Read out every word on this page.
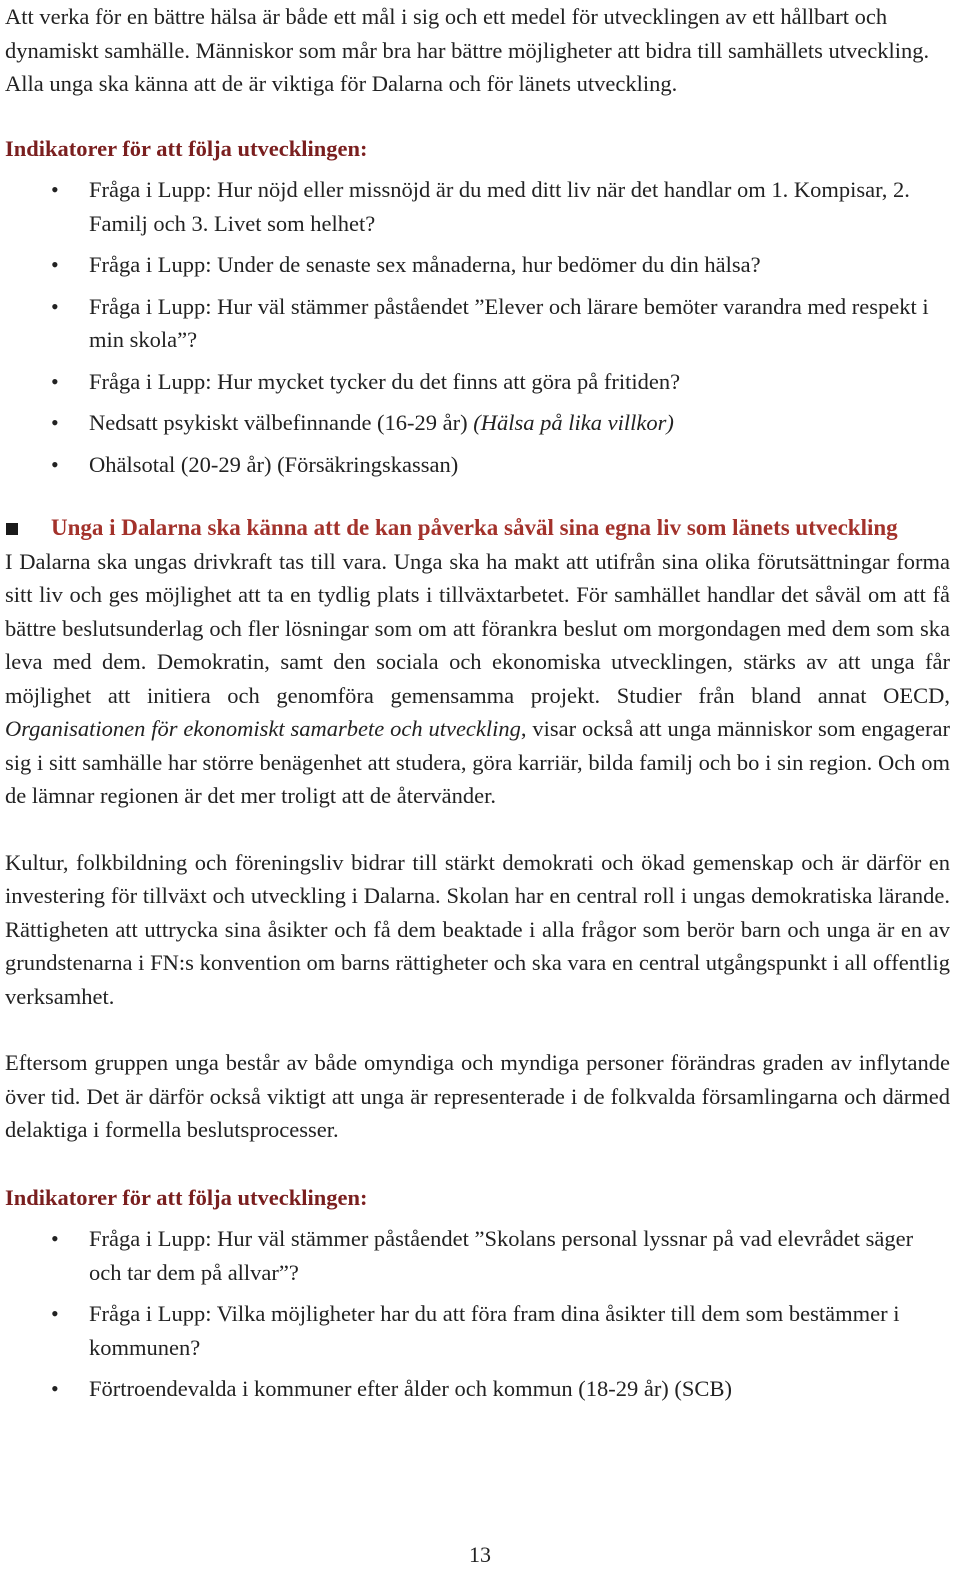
Att verka för en bättre hälsa är både ett mål i sig och ett medel för utvecklingen av ett hållbart och dynamiskt samhälle. Människor som mår bra har bättre möjligheter att bidra till samhällets utveckling. Alla unga ska känna att de är viktiga för Dalarna och för länets utveckling.

Indikatorer för att följa utvecklingen:
• Fråga i Lupp: Hur nöjd eller missnöjd är du med ditt liv när det handlar om 1. Kompisar, 2. Familj och 3. Livet som helhet?
• Fråga i Lupp: Under de senaste sex månaderna, hur bedömer du din hälsa?
• Fråga i Lupp: Hur väl stämmer påståendet ”Elever och lärare bemöter varandra med respekt i min skola”?
• Fråga i Lupp: Hur mycket tycker du det finns att göra på fritiden?
• Nedsatt psykiskt välbefinnande (16-29 år) (Hälsa på lika villkor)
• Ohälsotal (20-29 år) (Försäkringskassan)
Unga i Dalarna ska känna att de kan påverka såväl sina egna liv som länets utveckling

I Dalarna ska ungas drivkraft tas till vara. Unga ska ha makt att utifrån sina olika förutsättningar forma sitt liv och ges möjlighet att ta en tydlig plats i tillväxtarbetet. För samhället handlar det såväl om att få bättre beslutsunderlag och fler lösningar som om att förankra beslut om morgondagen med dem som ska leva med dem. Demokratin, samt den sociala och ekonomiska utvecklingen, stärks av att unga får möjlighet att initiera och genomföra gemensamma projekt. Studier från bland annat OECD, Organisationen för ekonomiskt samarbete och utveckling, visar också att unga människor som engagerar sig i sitt samhälle har större benägenhet att studera, göra karriär, bilda familj och bo i sin region. Och om de lämnar regionen är det mer troligt att de återvänder.

Kultur, folkbildning och föreningsliv bidrar till stärkt demokrati och ökad gemenskap och är därför en investering för tillväxt och utveckling i Dalarna. Skolan har en central roll i ungas demokratiska lärande. Rättigheten att uttrycka sina åsikter och få dem beaktade i alla frågor som berör barn och unga är en av grundstenarna i FN:s konvention om barns rättigheter och ska vara en central utgångspunkt i all offentlig verksamhet.

Eftersom gruppen unga består av både omyndiga och myndiga personer förändras graden av inflytande över tid. Det är därför också viktigt att unga är representerade i de folkvalda församlingarna och därmed delaktiga i formella beslutsprocesser.

Indikatorer för att följa utvecklingen:
• Fråga i Lupp: Hur väl stämmer påståendet ”Skolans personal lyssnar på vad elevrådet säger och tar dem på allvar”?
• Fråga i Lupp: Vilka möjligheter har du att föra fram dina åsikter till dem som bestämmer i kommunen?
• Förtroendevalda i kommuner efter ålder och kommun (18-29 år) (SCB)
13
